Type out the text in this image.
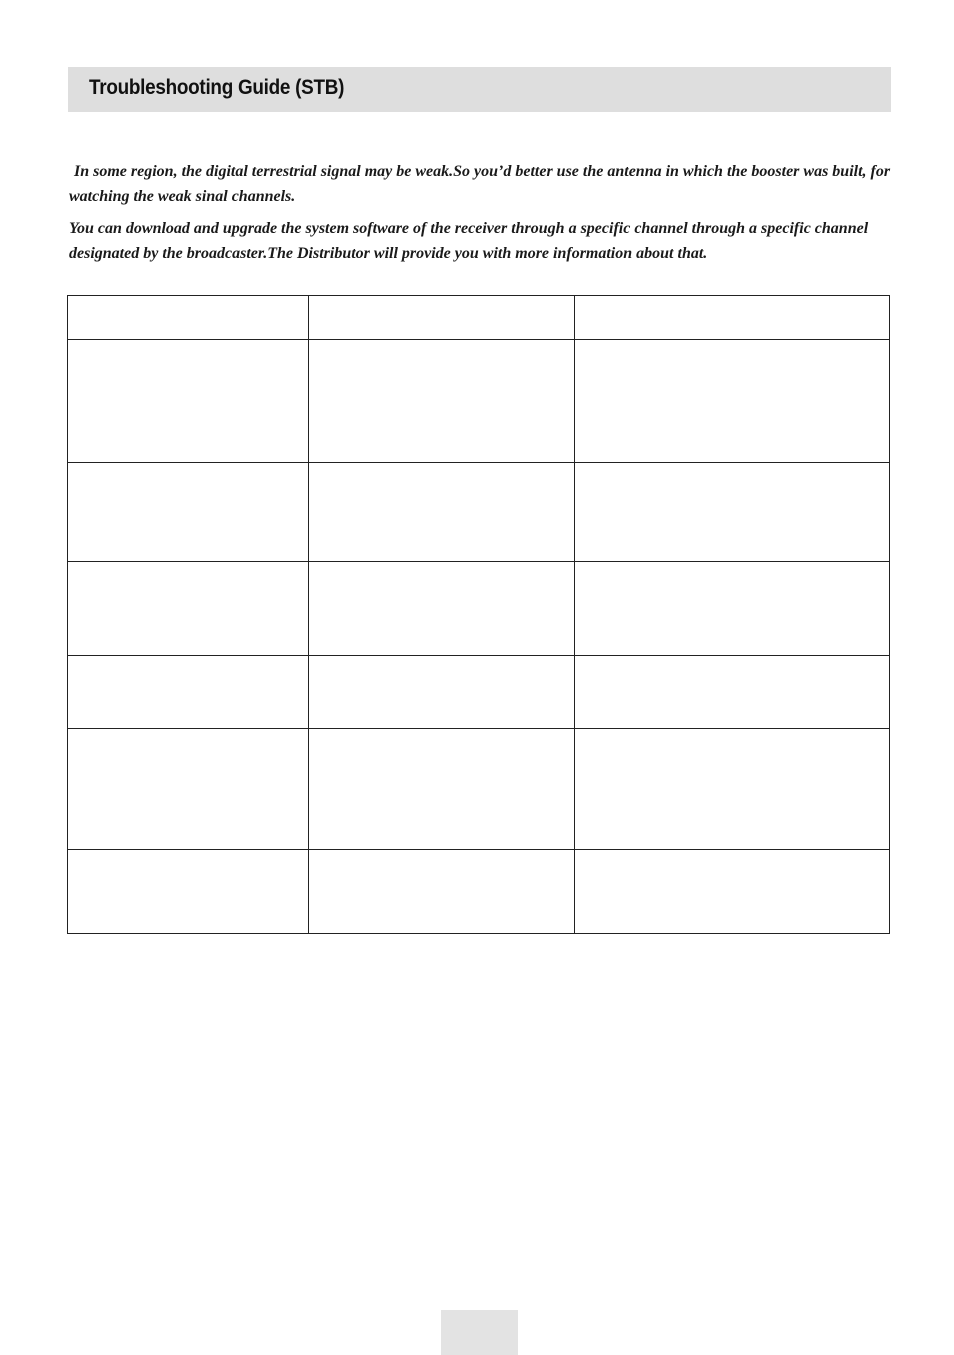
Troubleshooting Guide (STB)

In some region, the digital terrestrial signal may be weak.So you’d better use the antenna in which the booster was built, for watching the weak sinal channels.

You can download and upgrade the system software of the receiver through a specific channel through a specific channel designated by the broadcaster.The Distributor will provide you with more information about that.
